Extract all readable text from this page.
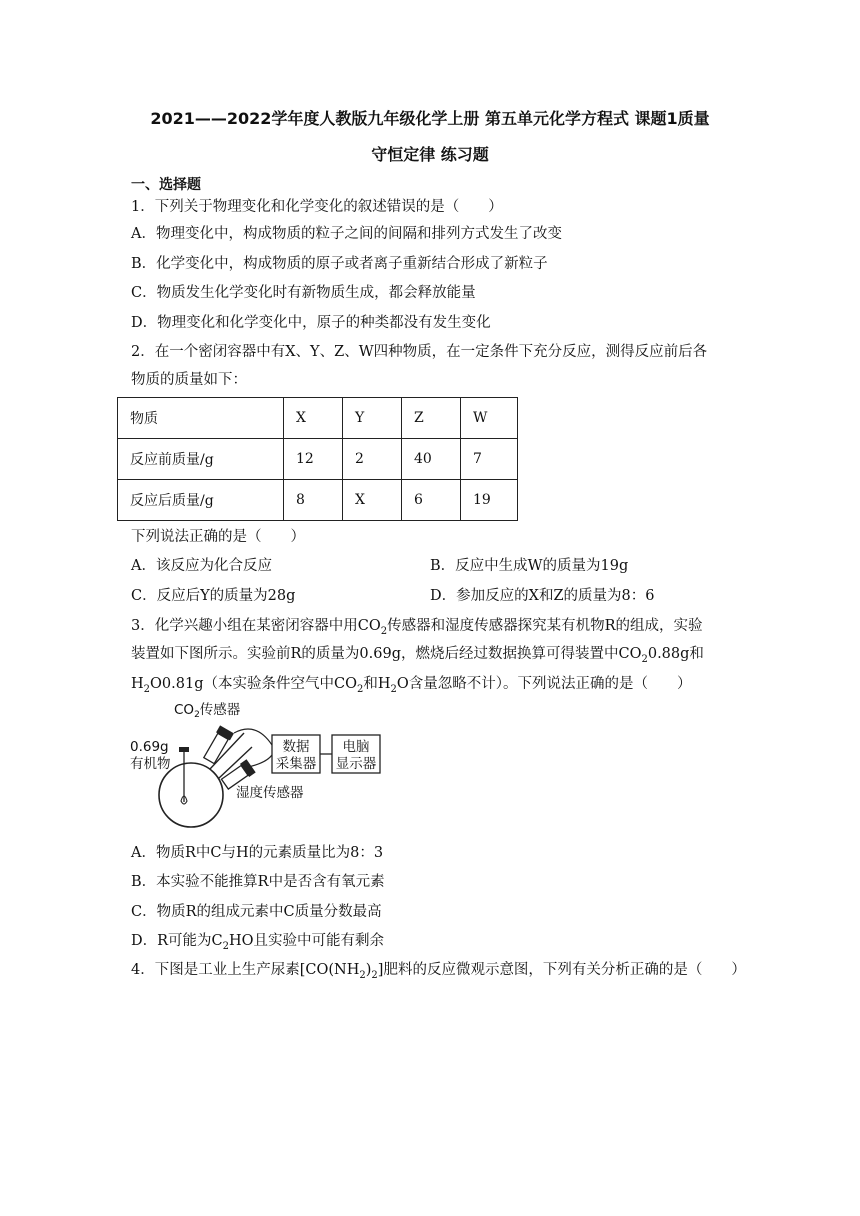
2021——2022学年度人教版九年级化学上册 第五单元化学方程式 课题1质量
守恒定律 练习题
一、选择题
1．下列关于物理变化和化学变化的叙述错误的是（　　）
A．物理变化中，构成物质的粒子之间的间隔和排列方式发生了改变
B．化学变化中，构成物质的原子或者离子重新结合形成了新粒子
C．物质发生化学变化时有新物质生成，都会释放能量
D．物理变化和化学变化中，原子的种类都没有发生变化
2．在一个密闭容器中有X、Y、Z、W四种物质，在一定条件下充分反应，测得反应前后各
物质的质量如下：
物质	X	Y	Z	W
反应前质量/g	12	2	40	7
反应后质量/g	8	X	6	19
下列说法正确的是（　　）
A．该反应为化合反应	B．反应中生成W的质量为19g
C．反应后Y的质量为28g	D．参加反应的X和Z的质量为8：6
3．化学兴趣小组在某密闭容器中用$CO_2$传感器和湿度传感器探究某有机物R的组成，实验
装置如下图所示。实验前R的质量为0.69g，燃烧后经过数据换算可得装置中$CO_20.88g$和
$H_2O0.81g$（本实验条件空气中$CO_2$和$H_2O$含量忽略不计）。下列说法正确的是（　　）
数据
采集器
电脑
显示器
$CO_2$传感器
0.69g
有机物
湿度传感器
A．物质R中C与H的元素质量比为8：3
B．本实验不能推算R中是否含有氧元素
C．物质R的组成元素中C质量分数最高
D．R可能为$C_2HO$且实验中可能有剩余
4．下图是工业上生产尿素$[CO(NH_2)_2]$肥料的反应微观示意图，下列有关分析正确的是（　　）
